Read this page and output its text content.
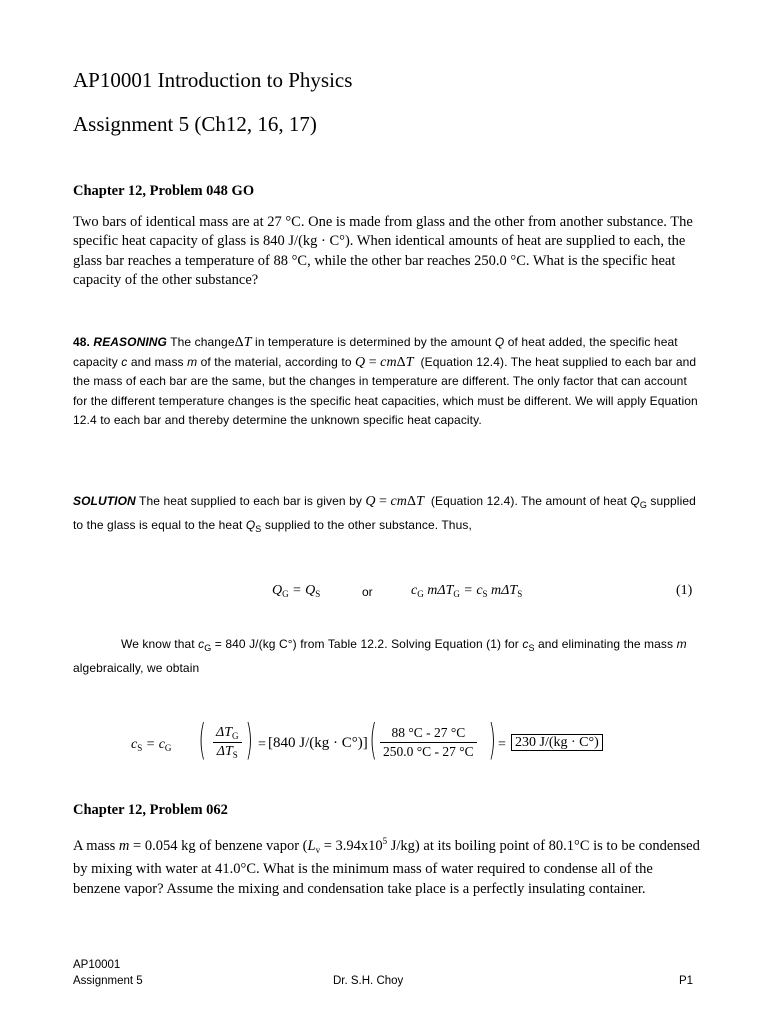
AP10001 Introduction to Physics
Assignment 5 (Ch12, 16, 17)
Chapter 12, Problem 048 GO
Two bars of identical mass are at 27 °C. One is made from glass and the other from another substance. The specific heat capacity of glass is 840 J/(kg · C°). When identical amounts of heat are supplied to each, the glass bar reaches a temperature of 88 °C, while the other bar reaches 250.0 °C. What is the specific heat capacity of the other substance?
48. REASONING The changeΔT in temperature is determined by the amount Q of heat added, the specific heat capacity c and mass m of the material, according to Q = cmΔT (Equation 12.4). The heat supplied to each bar and the mass of each bar are the same, but the changes in temperature are different. The only factor that can account for the different temperature changes is the specific heat capacities, which must be different. We will apply Equation 12.4 to each bar and thereby determine the unknown specific heat capacity.
SOLUTION The heat supplied to each bar is given by Q = cmΔT (Equation 12.4). The amount of heat $Q_G$ supplied to the glass is equal to the heat $Q_S$ supplied to the other substance. Thus,
$Q_G = Q_S$	or	$c_G$ $m\Delta T_G = c_S$ mΔT$_S$	(1)
We know that $c_G = 840$ J/(kg C°) from Table 12.2. Solving Equation (1) for $c_S$ and eliminating the mass m algebraically, we obtain
$c_S = c_G$ ( $\Delta T_G$
$\Delta T_S$ ) = [840 J/(kg · C°)] ( $\frac{88 ^\circ C - 27 ^\circ C}{250.0 ^\circ C - 27 ^\circ C}$ ) = 230 J/(kg · C°)
Chapter 12, Problem 062
A mass m = 0.054 kg of benzene vapor ($L_v = 3.94x10^5$ J/kg) at its boiling point of 80.1°C is to be condensed by mixing with water at 41.0°C. What is the minimum mass of water required to condense all of the benzene vapor? Assume the mixing and condensation take place is a perfectly insulating container.
AP10001
Assignment 5	Dr. S.H. Choy	P1
